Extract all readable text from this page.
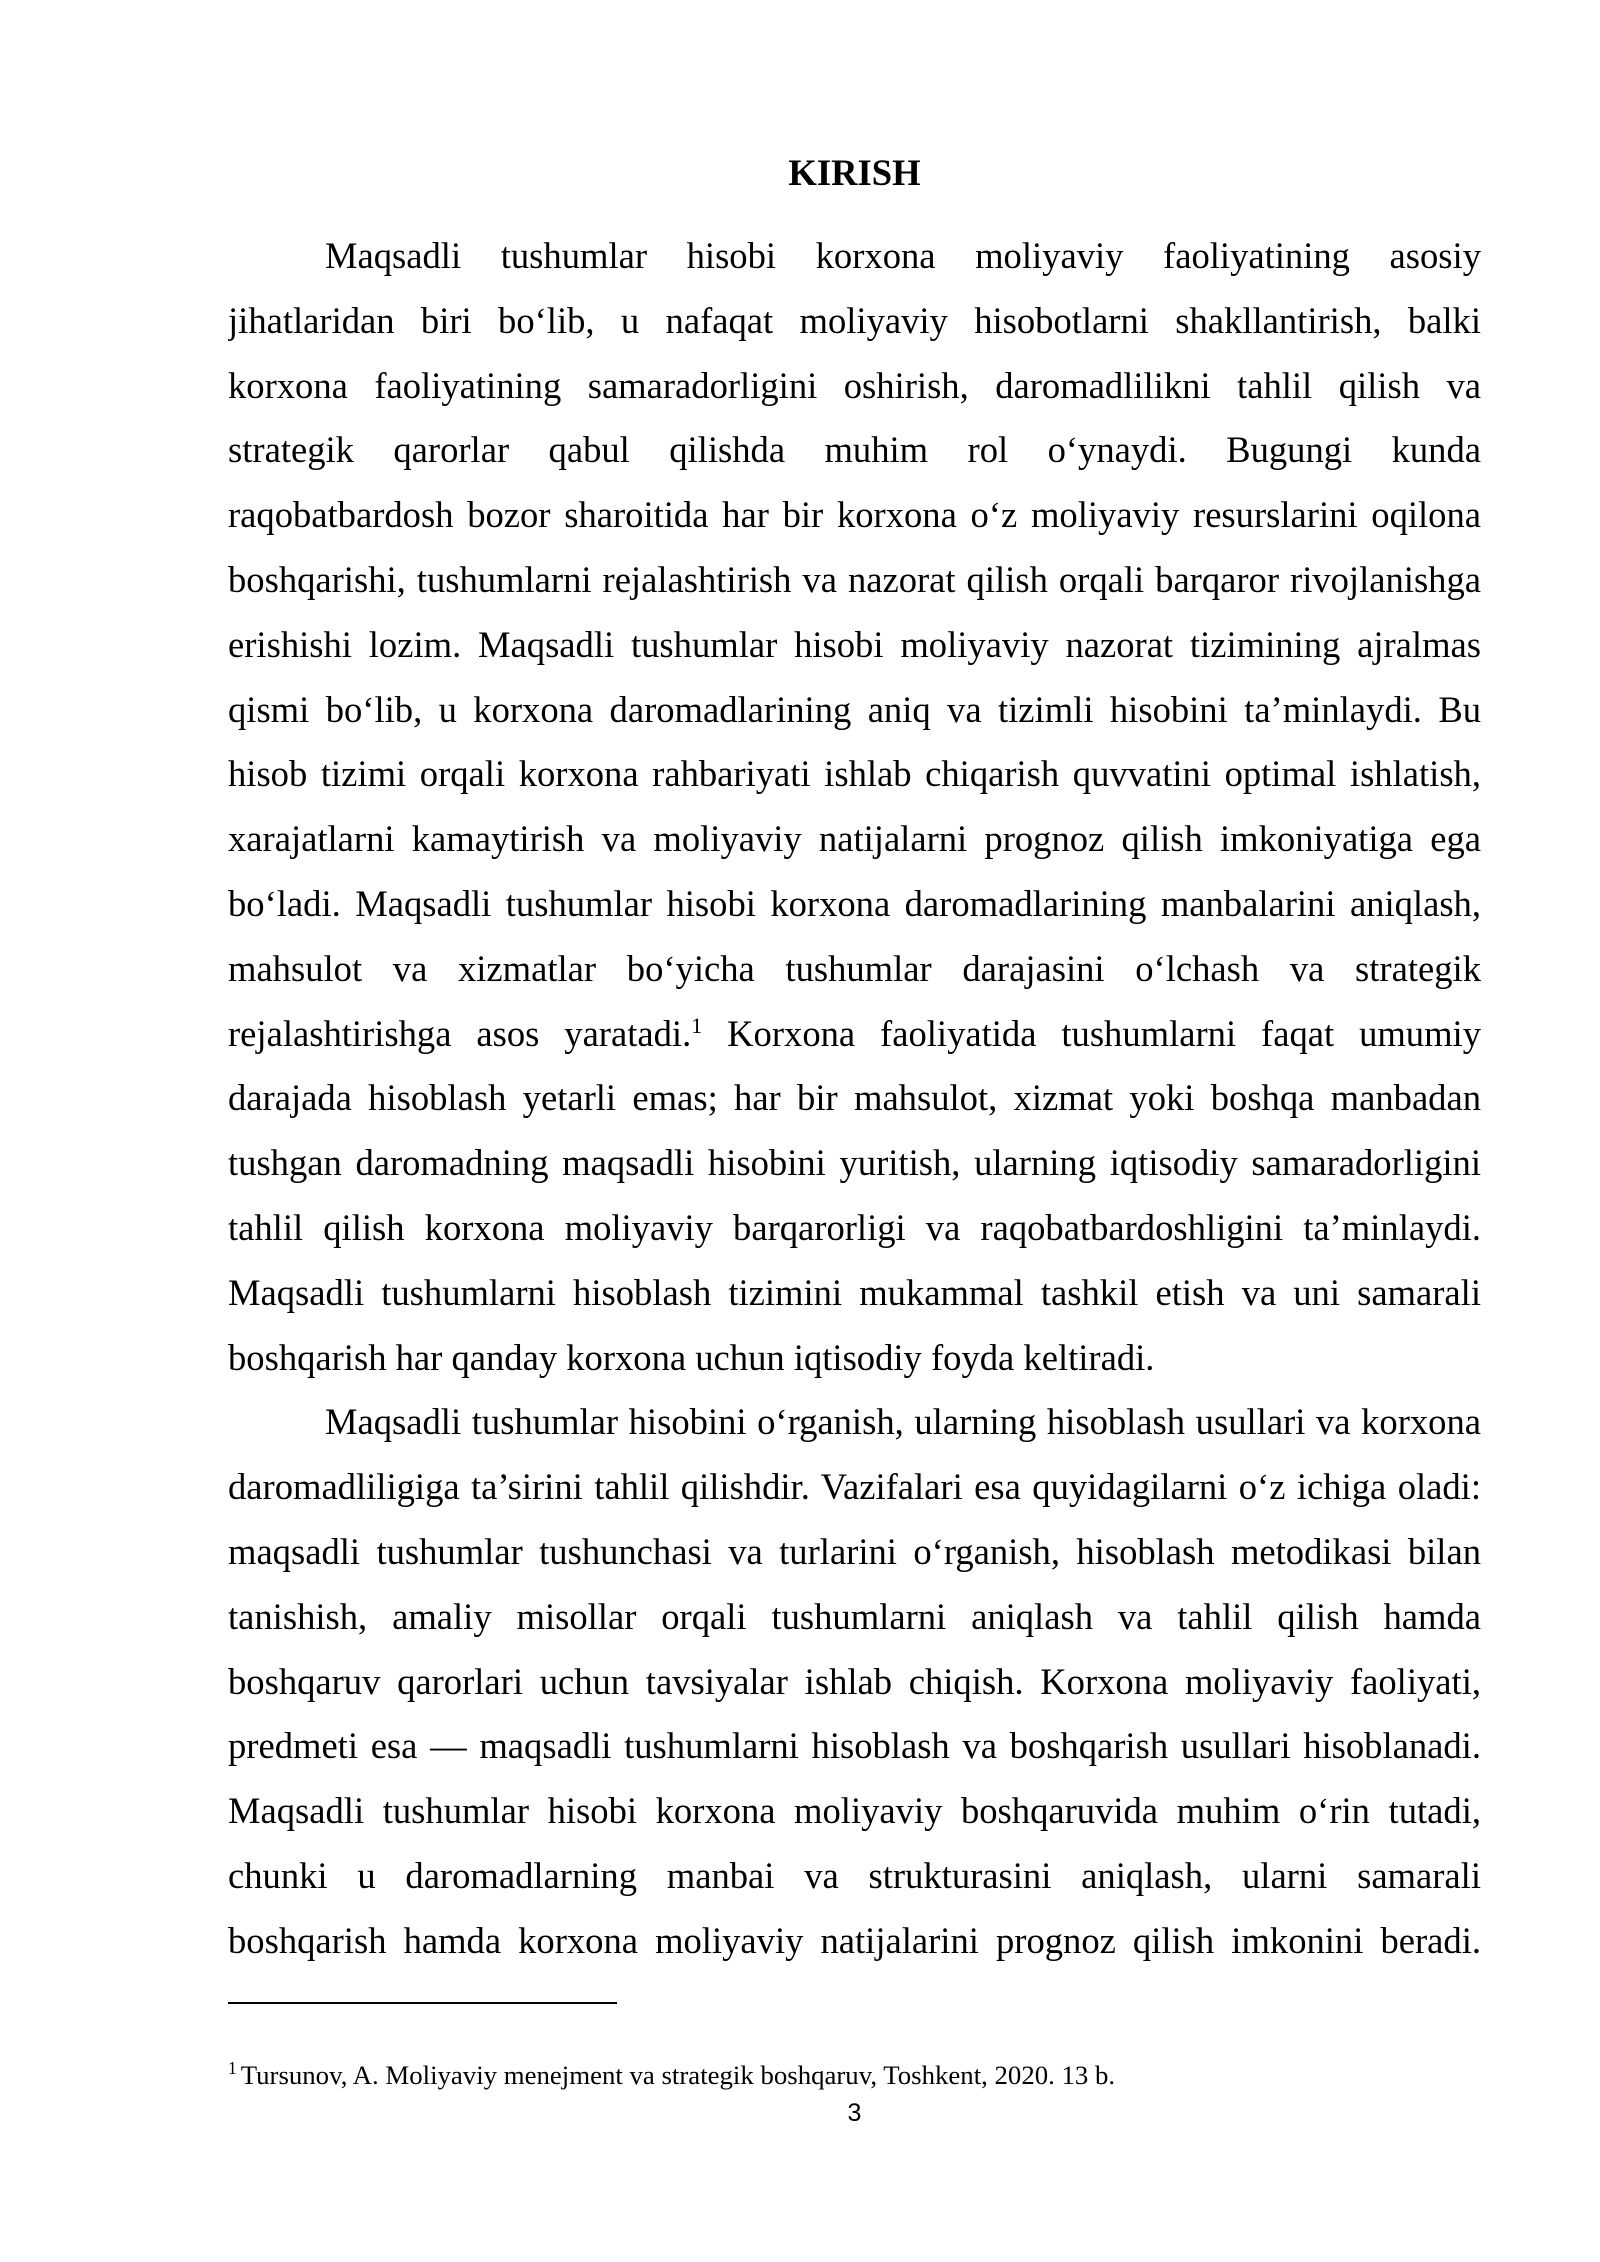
KIRISH
Maqsadli tushumlar hisobi korxona moliyaviy faoliyatining asosiy
jihatlaridan biri bo‘lib, u nafaqat moliyaviy hisobotlarni shakllantirish, balki
korxona faoliyatining samaradorligini oshirish, daromadlilikni tahlil qilish va
strategik qarorlar qabul qilishda muhim rol o‘ynaydi. Bugungi kunda
raqobatbardosh bozor sharoitida har bir korxona o‘z moliyaviy resurslarini oqilona
boshqarishi, tushumlarni rejalashtirish va nazorat qilish orqali barqaror rivojlanishga
erishishi lozim. Maqsadli tushumlar hisobi moliyaviy nazorat tizimining ajralmas
qismi bo‘lib, u korxona daromadlarining aniq va tizimli hisobini ta’minlaydi. Bu
hisob tizimi orqali korxona rahbariyati ishlab chiqarish quvvatini optimal ishlatish,
xarajatlarni kamaytirish va moliyaviy natijalarni prognoz qilish imkoniyatiga ega
bo‘ladi. Maqsadli tushumlar hisobi korxona daromadlarining manbalarini aniqlash,
mahsulot va xizmatlar bo‘yicha tushumlar darajasini o‘lchash va strategik
rejalashtirishga asos yaratadi.$^1$ Korxona faoliyatida tushumlarni faqat umumiy
darajada hisoblash yetarli emas; har bir mahsulot, xizmat yoki boshqa manbadan
tushgan daromadning maqsadli hisobini yuritish, ularning iqtisodiy samaradorligini
tahlil qilish korxona moliyaviy barqarorligi va raqobatbardoshligini ta’minlaydi.
Maqsadli tushumlarni hisoblash tizimini mukammal tashkil etish va uni samarali
boshqarish har qanday korxona uchun iqtisodiy foyda keltiradi.
Maqsadli tushumlar hisobini o‘rganish, ularning hisoblash usullari va korxona
daromadliligiga ta’sirini tahlil qilishdir. Vazifalari esa quyidagilarni o‘z ichiga oladi:
maqsadli tushumlar tushunchasi va turlarini o‘rganish, hisoblash metodikasi bilan
tanishish, amaliy misollar orqali tushumlarni aniqlash va tahlil qilish hamda
boshqaruv qarorlari uchun tavsiyalar ishlab chiqish. Korxona moliyaviy faoliyati,
predmeti esa — maqsadli tushumlarni hisoblash va boshqarish usullari hisoblanadi.
Maqsadli tushumlar hisobi korxona moliyaviy boshqaruvida muhim o‘rin tutadi,
chunki u daromadlarning manbai va strukturasini aniqlash, ularni samarali
boshqarish hamda korxona moliyaviy natijalarini prognoz qilish imkonini beradi.
$^1$ Tursunov, A. Moliyaviy menejment va strategik boshqaruv, Toshkent, 2020. 13 b.
3
